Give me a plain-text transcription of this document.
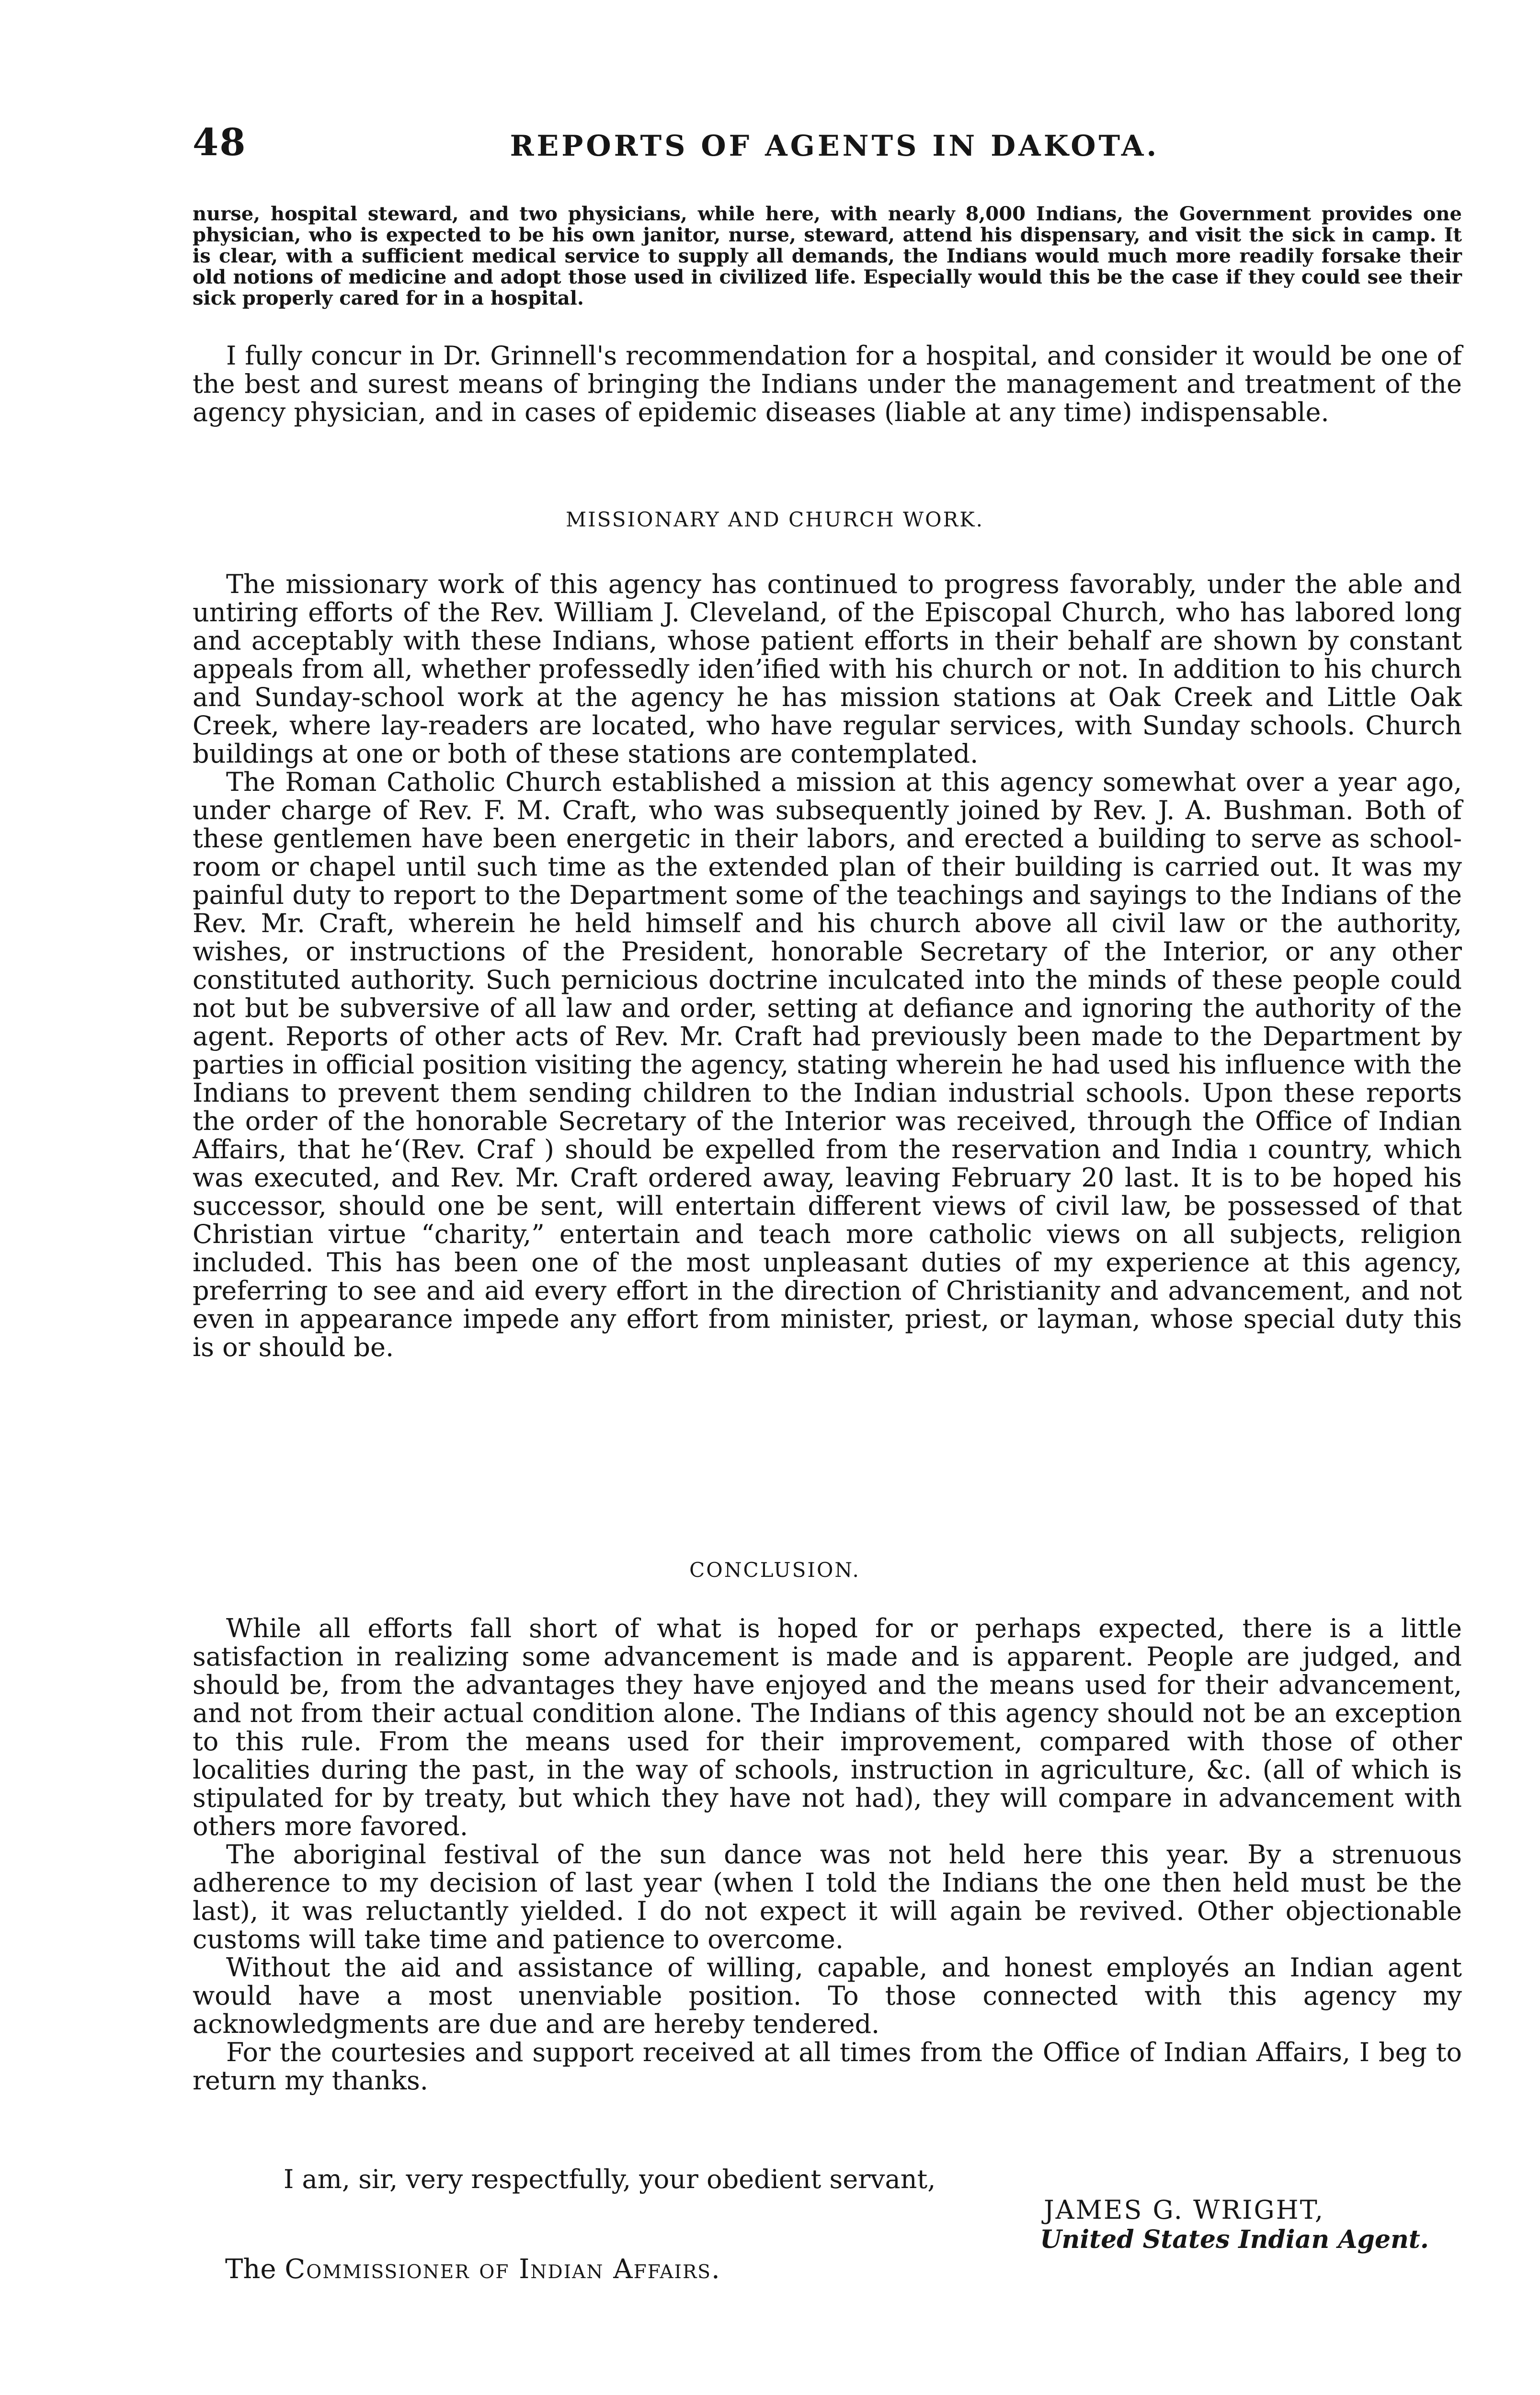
48	REPORTS OF AGENTS IN DAKOTA.

nurse, hospital steward, and two physicians, while here, with nearly 8,000 Indians, the Government provides one physician, who is expected to be his own janitor, nurse, steward, attend his dispensary, and visit the sick in camp. It is clear, with a sufficient medical service to supply all demands, the Indians would much more readily forsake their old notions of medicine and adopt those used in civilized life. Especially would this be the case if they could see their sick properly cared for in a hospital.

I fully concur in Dr. Grinnell's recommendation for a hospital, and consider it would be one of the best and surest means of bringing the Indians under the management and treatment of the agency physician, and in cases of epidemic diseases (liable at any time) indispensable.

MISSIONARY AND CHURCH WORK.

The missionary work of this agency has continued to progress favorably, under the able and untiring efforts of the Rev. William J. Cleveland, of the Episcopal Church, who has labored long and acceptably with these Indians, whose patient efforts in their behalf are shown by constant appeals from all, whether professedly iden’ified with his church or not. In addition to his church and Sunday-school work at the agency he has mission stations at Oak Creek and Little Oak Creek, where lay-readers are located, who have regular services, with Sunday schools. Church buildings at one or both of these stations are contemplated.

The Roman Catholic Church established a mission at this agency somewhat over a year ago, under charge of Rev. F. M. Craft, who was subsequently joined by Rev. J. A. Bushman. Both of these gentlemen have been energetic in their labors, and erected a building to serve as school-room or chapel until such time as the extended plan of their building is carried out. It was my painful duty to report to the Department some of the teachings and sayings to the Indians of the Rev. Mr. Craft, wherein he held himself and his church above all civil law or the authority, wishes, or instructions of the President, honorable Secretary of the Interior, or any other constituted authority. Such pernicious doctrine inculcated into the minds of these people could not but be subversive of all law and order, setting at defiance and ignoring the authority of the agent. Reports of other acts of Rev. Mr. Craft had previously been made to the Department by parties in official position visiting the agency, stating wherein he had used his influence with the Indians to prevent them sending children to the Indian industrial schools. Upon these reports the order of the honorable Secretary of the Interior was received, through the Office of Indian Affairs, that he‘(Rev. Craf ) should be expelled from the reservation and India ı country, which was executed, and Rev. Mr. Craft ordered away, leaving February 20 last. It is to be hoped his successor, should one be sent, will entertain different views of civil law, be possessed of that Christian virtue “charity,” entertain and teach more catholic views on all subjects, religion included. This has been one of the most unpleasant duties of my experience at this agency, preferring to see and aid every effort in the direction of Christianity and advancement, and not even in appearance impede any effort from minister, priest, or layman, whose special duty this is or should be.

CONCLUSION.

While all efforts fall short of what is hoped for or perhaps expected, there is a little satisfaction in realizing some advancement is made and is apparent. People are judged, and should be, from the advantages they have enjoyed and the means used for their advancement, and not from their actual condition alone. The Indians of this agency should not be an exception to this rule. From the means used for their improvement, compared with those of other localities during the past, in the way of schools, instruction in agriculture, &c. (all of which is stipulated for by treaty, but which they have not had), they will compare in advancement with others more favored.

The aboriginal festival of the sun dance was not held here this year. By a strenuous adherence to my decision of last year (when I told the Indians the one then held must be the last), it was reluctantly yielded. I do not expect it will again be revived. Other objectionable customs will take time and patience to overcome.

Without the aid and assistance of willing, capable, and honest employés an Indian agent would have a most unenviable position. To those connected with this agency my acknowledgments are due and are hereby tendered.

For the courtesies and support received at all times from the Office of Indian Affairs, I beg to return my thanks.

I am, sir, very respectfully, your obedient servant,

JAMES G. WRIGHT,
United States Indian Agent.
The Commissioner of Indian Affairs.
